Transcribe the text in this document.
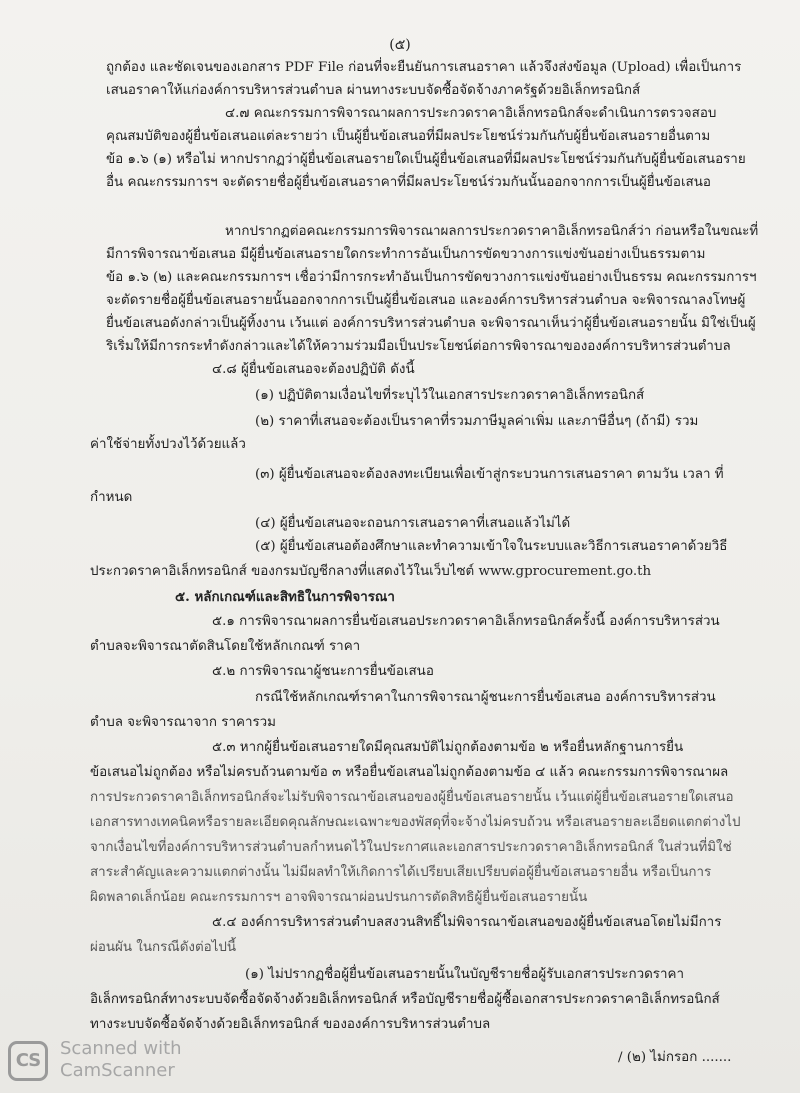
(๕)
ถูกต้อง และชัดเจนของเอกสาร PDF File ก่อนที่จะยืนยันการเสนอราคา แล้วจึงส่งข้อมูล (Upload) เพื่อเป็นการ
เสนอราคาให้แก่องค์การบริหารส่วนตำบล ผ่านทางระบบจัดซื้อจัดจ้างภาครัฐด้วยอิเล็กทรอนิกส์
๔.๗ คณะกรรมการพิจารณาผลการประกวดราคาอิเล็กทรอนิกส์จะดำเนินการตรวจสอบ
คุณสมบัติของผู้ยื่นข้อเสนอแต่ละรายว่า เป็นผู้ยื่นข้อเสนอที่มีผลประโยชน์ร่วมกันกับผู้ยื่นข้อเสนอรายอื่นตาม
ข้อ ๑.๖ (๑) หรือไม่ หากปรากฏว่าผู้ยื่นข้อเสนอรายใดเป็นผู้ยื่นข้อเสนอที่มีผลประโยชน์ร่วมกันกับผู้ยื่นข้อเสนอราย
อื่น คณะกรรมการฯ จะตัดรายชื่อผู้ยื่นข้อเสนอราคาที่มีผลประโยชน์ร่วมกันนั้นออกจากการเป็นผู้ยื่นข้อเสนอ
หากปรากฏต่อคณะกรรมการพิจารณาผลการประกวดราคาอิเล็กทรอนิกส์ว่า ก่อนหรือในขณะที่
มีการพิจารณาข้อเสนอ มีผู้ยื่นข้อเสนอรายใดกระทำการอันเป็นการขัดขวางการแข่งขันอย่างเป็นธรรมตาม
ข้อ ๑.๖ (๒) และคณะกรรมการฯ เชื่อว่ามีการกระทำอันเป็นการขัดขวางการแข่งขันอย่างเป็นธรรม คณะกรรมการฯ
จะตัดรายชื่อผู้ยื่นข้อเสนอรายนั้นออกจากการเป็นผู้ยื่นข้อเสนอ และองค์การบริหารส่วนตำบล จะพิจารณาลงโทษผู้
ยื่นข้อเสนอดังกล่าวเป็นผู้ทิ้งงาน เว้นแต่ องค์การบริหารส่วนตำบล จะพิจารณาเห็นว่าผู้ยื่นข้อเสนอรายนั้น มิใช่เป็นผู้
ริเริ่มให้มีการกระทำดังกล่าวและได้ให้ความร่วมมือเป็นประโยชน์ต่อการพิจารณาขององค์การบริหารส่วนตำบล
๔.๘ ผู้ยื่นข้อเสนอจะต้องปฏิบัติ ดังนี้
(๑) ปฏิบัติตามเงื่อนไขที่ระบุไว้ในเอกสารประกวดราคาอิเล็กทรอนิกส์
(๒) ราคาที่เสนอจะต้องเป็นราคาที่รวมภาษีมูลค่าเพิ่ม และภาษีอื่นๆ (ถ้ามี) รวม
ค่าใช้จ่ายทั้งปวงไว้ด้วยแล้ว
(๓) ผู้ยื่นข้อเสนอจะต้องลงทะเบียนเพื่อเข้าสู่กระบวนการเสนอราคา ตามวัน เวลา ที่
กำหนด
(๔) ผู้ยื่นข้อเสนอจะถอนการเสนอราคาที่เสนอแล้วไม่ได้
(๕) ผู้ยื่นข้อเสนอต้องศึกษาและทำความเข้าใจในระบบและวิธีการเสนอราคาด้วยวิธี
ประกวดราคาอิเล็กทรอนิกส์ ของกรมบัญชีกลางที่แสดงไว้ในเว็บไซต์ www.gprocurement.go.th
๕. หลักเกณฑ์และสิทธิในการพิจารณา
๕.๑ การพิจารณาผลการยื่นข้อเสนอประกวดราคาอิเล็กทรอนิกส์ครั้งนี้ องค์การบริหารส่วน
ตำบลจะพิจารณาตัดสินโดยใช้หลักเกณฑ์ ราคา
๕.๒ การพิจารณาผู้ชนะการยื่นข้อเสนอ
กรณีใช้หลักเกณฑ์ราคาในการพิจารณาผู้ชนะการยื่นข้อเสนอ องค์การบริหารส่วน
ตำบล จะพิจารณาจาก ราคารวม
๕.๓ หากผู้ยื่นข้อเสนอรายใดมีคุณสมบัติไม่ถูกต้องตามข้อ ๒ หรือยื่นหลักฐานการยื่น
ข้อเสนอไม่ถูกต้อง หรือไม่ครบถ้วนตามข้อ ๓ หรือยื่นข้อเสนอไม่ถูกต้องตามข้อ ๔ แล้ว คณะกรรมการพิจารณาผล
การประกวดราคาอิเล็กทรอนิกส์จะไม่รับพิจารณาข้อเสนอของผู้ยื่นข้อเสนอรายนั้น เว้นแต่ผู้ยื่นข้อเสนอรายใดเสนอ
เอกสารทางเทคนิคหรือรายละเอียดคุณลักษณะเฉพาะของพัสดุที่จะจ้างไม่ครบถ้วน หรือเสนอรายละเอียดแตกต่างไป
จากเงื่อนไขที่องค์การบริหารส่วนตำบลกำหนดไว้ในประกาศและเอกสารประกวดราคาอิเล็กทรอนิกส์ ในส่วนที่มิใช่
สาระสำคัญและความแตกต่างนั้น ไม่มีผลทำให้เกิดการได้เปรียบเสียเปรียบต่อผู้ยื่นข้อเสนอรายอื่น หรือเป็นการ
ผิดพลาดเล็กน้อย คณะกรรมการฯ อาจพิจารณาผ่อนปรนการตัดสิทธิผู้ยื่นข้อเสนอรายนั้น
๕.๔ องค์การบริหารส่วนตำบลสงวนสิทธิ์ไม่พิจารณาข้อเสนอของผู้ยื่นข้อเสนอโดยไม่มีการ
ผ่อนผัน ในกรณีดังต่อไปนี้
(๑) ไม่ปรากฏชื่อผู้ยื่นข้อเสนอรายนั้นในบัญชีรายชื่อผู้รับเอกสารประกวดราคา
อิเล็กทรอนิกส์ทางระบบจัดซื้อจัดจ้างด้วยอิเล็กทรอนิกส์ หรือบัญชีรายชื่อผู้ซื้อเอกสารประกวดราคาอิเล็กทรอนิกส์
ทางระบบจัดซื้อจัดจ้างด้วยอิเล็กทรอนิกส์ ขององค์การบริหารส่วนตำบล
/ (๒) ไม่กรอก .......
CS
Scanned with
CamScanner
